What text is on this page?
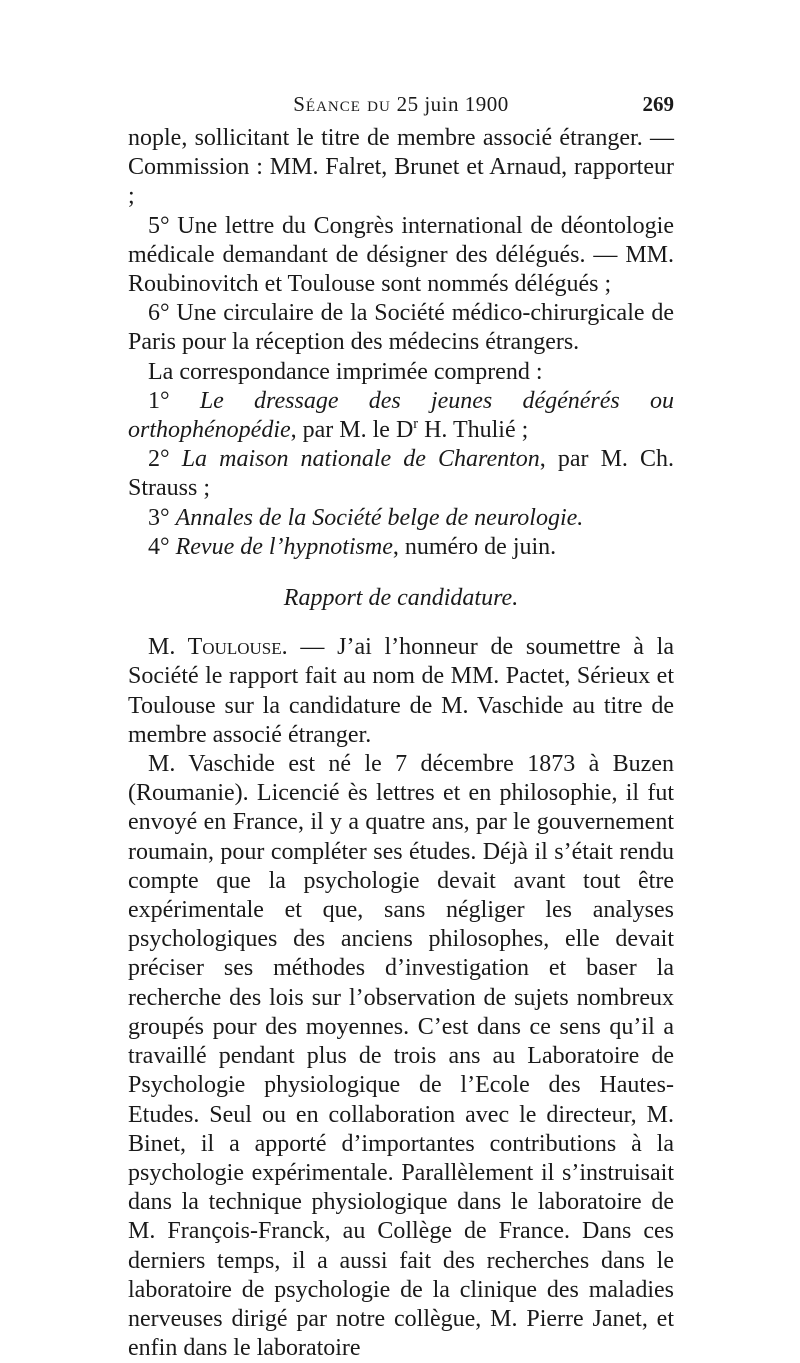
Séance du 25 juin 1900	269

nople, sollicitant le titre de membre associé étranger. — Commission : MM. Falret, Brunet et Arnaud, rapporteur ;

5° Une lettre du Congrès international de déontologie médicale demandant de désigner des délégués. — MM. Roubinovitch et Toulouse sont nommés délégués ;

6° Une circulaire de la Société médico-chirurgicale de Paris pour la réception des médecins étrangers.

La correspondance imprimée comprend :

1° Le dressage des jeunes dégénérés ou orthophénopédie, par M. le $D^r$ H. Thulié ;

2° La maison nationale de Charenton, par M. Ch. Strauss ;

3° Annales de la Société belge de neurologie.

4° Revue de l’hypnotisme, numéro de juin.

Rapport de candidature.

M. Toulouse. — J’ai l’honneur de soumettre à la Société le rapport fait au nom de MM. Pactet, Sérieux et Toulouse sur la candidature de M. Vaschide au titre de membre associé étranger.

M. Vaschide est né le 7 décembre 1873 à Buzen (Roumanie). Licencié ès lettres et en philosophie, il fut envoyé en France, il y a quatre ans, par le gouvernement roumain, pour compléter ses études. Déjà il s’était rendu compte que la psychologie devait avant tout être expérimentale et que, sans négliger les analyses psychologiques des anciens philosophes, elle devait préciser ses méthodes d’investigation et baser la recherche des lois sur l’observation de sujets nombreux groupés pour des moyennes. C’est dans ce sens qu’il a travaillé pendant plus de trois ans au Laboratoire de Psychologie physiologique de l’Ecole des Hautes-Etudes. Seul ou en collaboration avec le directeur, M. Binet, il a apporté d’importantes contributions à la psychologie expérimentale. Parallèlement il s’instruisait dans la technique physiologique dans le laboratoire de M. François-Franck, au Collège de France. Dans ces derniers temps, il a aussi fait des recherches dans le laboratoire de psychologie de la clinique des maladies nerveuses dirigé par notre collègue, M. Pierre Janet, et enfin dans le laboratoire
